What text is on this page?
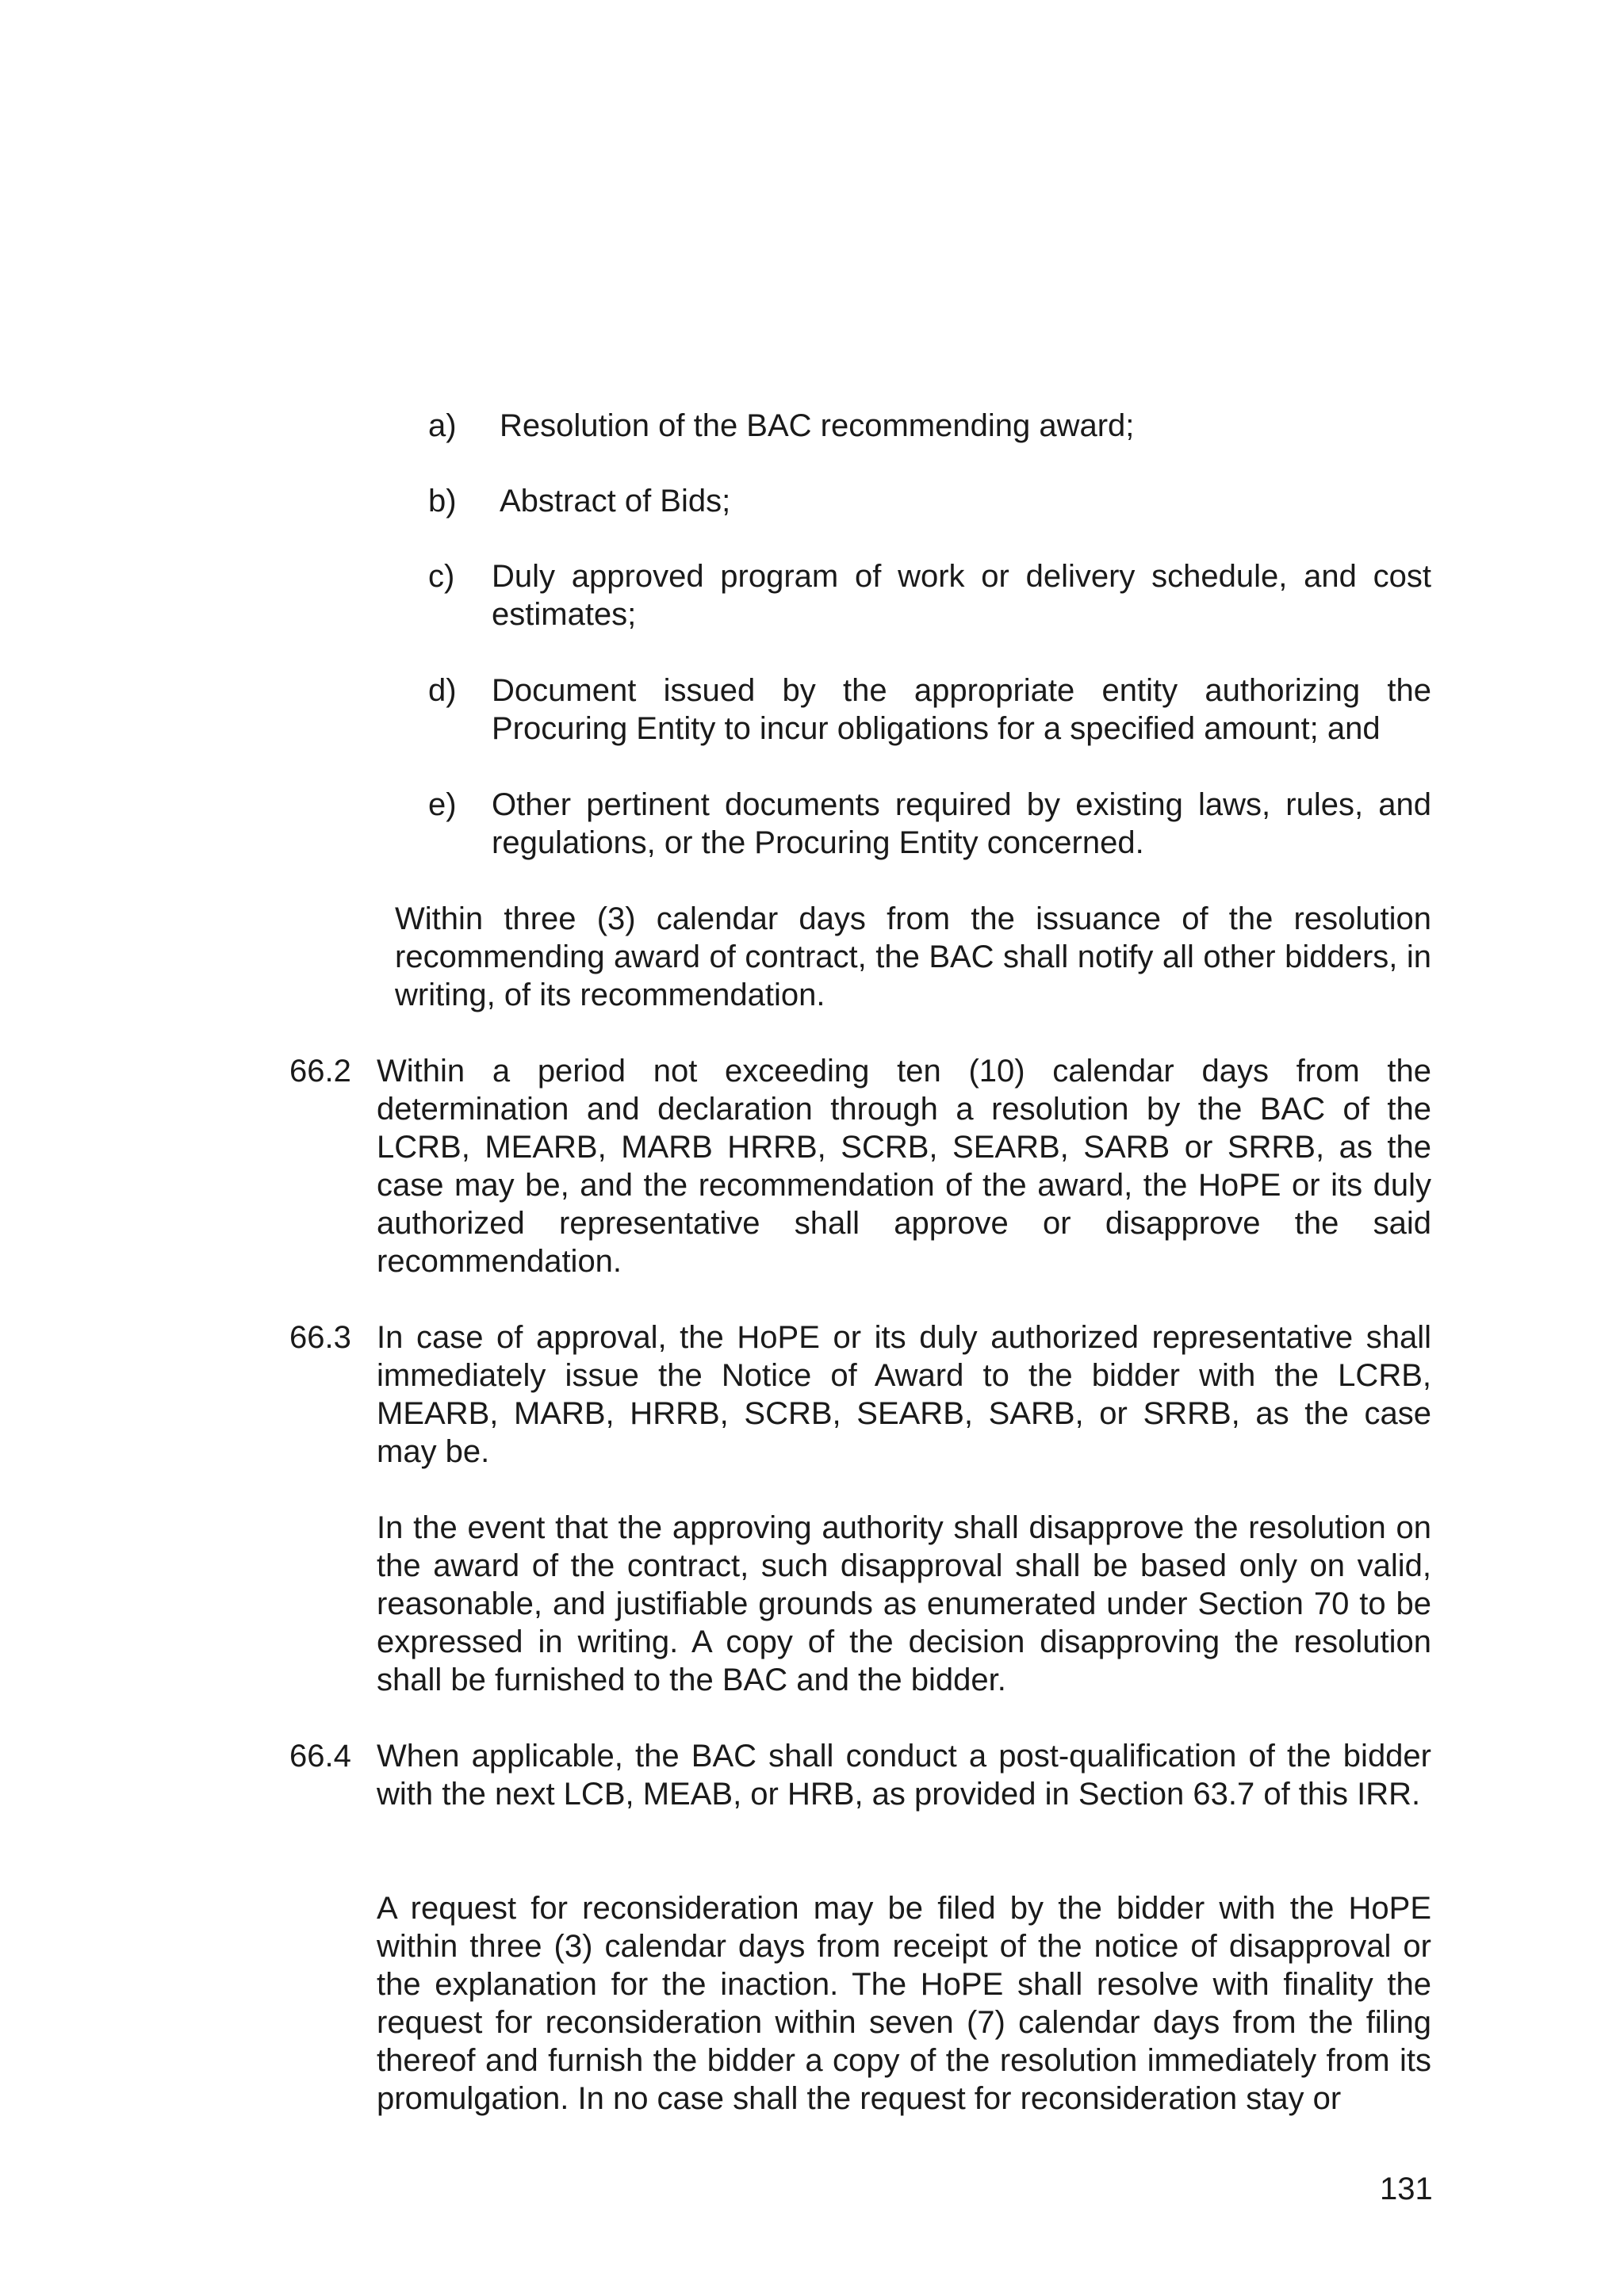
a)	Resolution of the BAC recommending award;
b)	Abstract of Bids;
c)	Duly approved program of work or delivery schedule, and cost estimates;
d)	Document issued by the appropriate entity authorizing the Procuring Entity to incur obligations for a specified amount; and
e)	Other pertinent documents required by existing laws, rules, and regulations, or the Procuring Entity concerned.
Within three (3) calendar days from the issuance of the resolution recommending award of contract, the BAC shall notify all other bidders, in writing, of its recommendation.
66.2 Within a period not exceeding ten (10) calendar days from the determination and declaration through a resolution by the BAC of the LCRB, MEARB, MARB HRRB, SCRB, SEARB, SARB or SRRB, as the case may be, and the recommendation of the award, the HoPE or its duly authorized representative shall approve or disapprove the said recommendation.
66.3 In case of approval, the HoPE or its duly authorized representative shall immediately issue the Notice of Award to the bidder with the LCRB, MEARB, MARB, HRRB, SCRB, SEARB, SARB, or SRRB, as the case may be.
In the event that the approving authority shall disapprove the resolution on the award of the contract, such disapproval shall be based only on valid, reasonable, and justifiable grounds as enumerated under Section 70 to be expressed in writing. A copy of the decision disapproving the resolution shall be furnished to the BAC and the bidder.
66.4 When applicable, the BAC shall conduct a post-qualification of the bidder with the next LCB, MEAB, or HRB, as provided in Section 63.7 of this IRR.
A request for reconsideration may be filed by the bidder with the HoPE within three (3) calendar days from receipt of the notice of disapproval or the explanation for the inaction. The HoPE shall resolve with finality the request for reconsideration within seven (7) calendar days from the filing thereof and furnish the bidder a copy of the resolution immediately from its promulgation. In no case shall the request for reconsideration stay or
131
